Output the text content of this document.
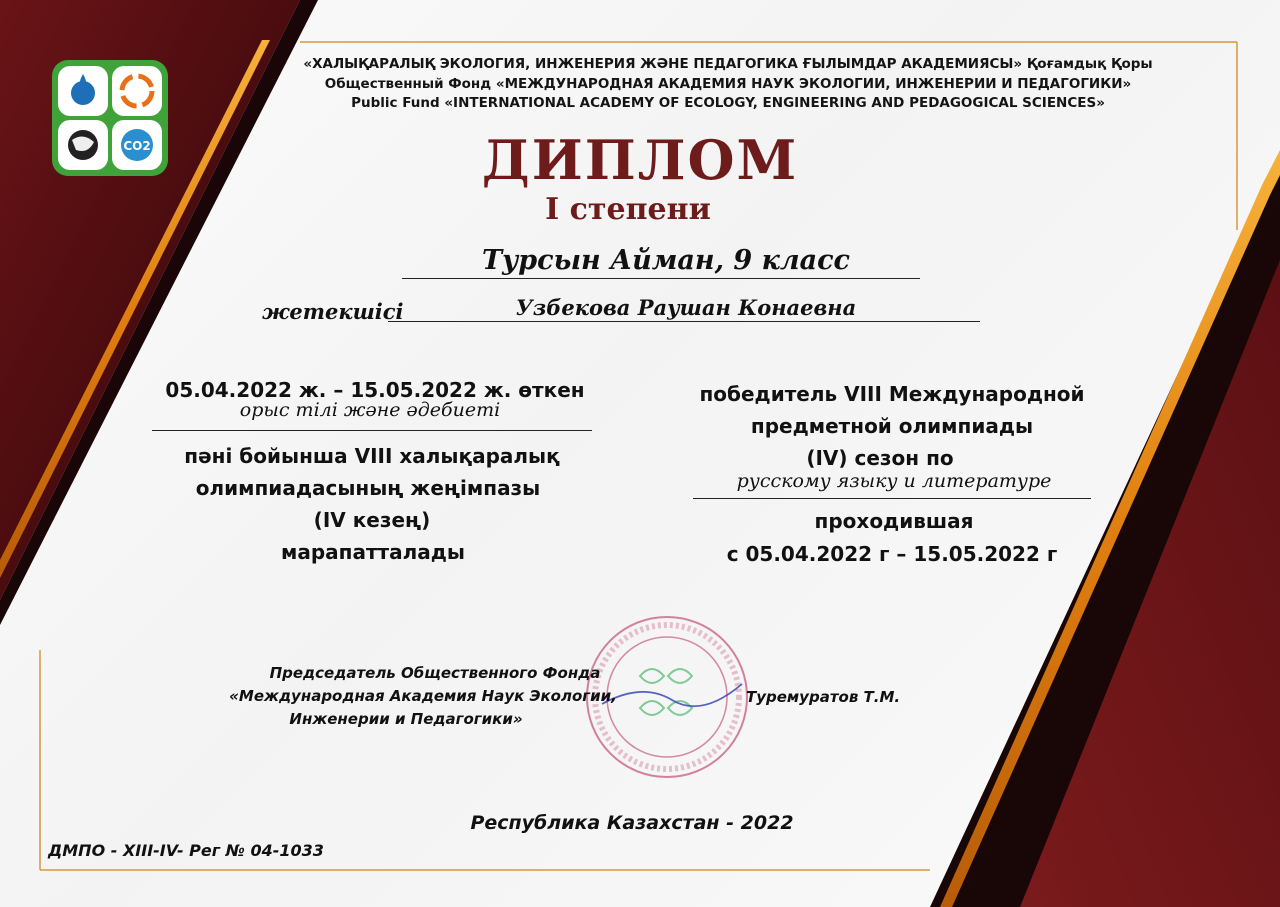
CO2
«ХАЛЫҚАРАЛЫҚ ЭКОЛОГИЯ, ИНЖЕНЕРИЯ ЖӘНЕ ПЕДАГОГИКА ҒЫЛЫМДАР АКАДЕМИЯСЫ» Қоғамдық Қоры
Общественный Фонд «МЕЖДУНАРОДНАЯ АКАДЕМИЯ НАУК ЭКОЛОГИИ, ИНЖЕНЕРИИ И ПЕДАГОГИКИ»
Public Fund «INTERNATIONAL ACADEMY OF ECOLOGY, ENGINEERING AND PEDAGOGICAL SCIENCES»
ДИПЛОМ
I степени
Турсын Айман, 9 класс
жетекшісі	Узбекова Раушан Конаевна
05.04.2022 ж. – 15.05.2022 ж. өткен
орыс тілі және әдебиеті
пәні бойынша VIII халықаралық
олимпиадасының жеңімпазы
(IV кезең)
марапатталады
победитель VIII Международной
предметной олимпиады
(IV) сезон по
русскому языку и литературе
проходившая
с 05.04.2022 г – 15.05.2022 г
Председатель Общественного Фонда
«Международная Академия Наук Экологии,
Инженерии и Педагогики»
Туремуратов Т.М.
Республика Казахстан - 2022
ДМПО - XIII-IV- Рег № 04-1033
